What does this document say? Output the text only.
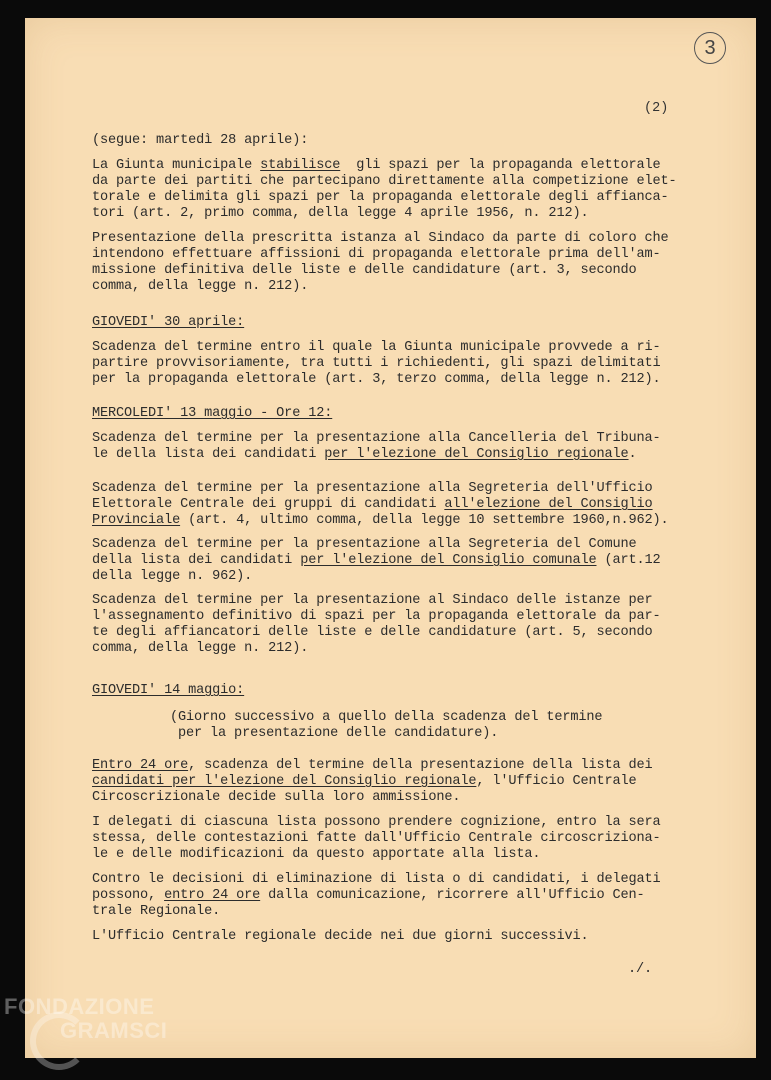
3
(2)
(segue: martedì 28 aprile):
La Giunta municipale stabilisce  gli spazi per la propaganda elettorale
da parte dei partiti che partecipano direttamente alla competizione elet-
torale e delimita gli spazi per la propaganda elettorale degli affianca-
tori (art. 2, primo comma, della legge 4 aprile 1956, n. 212).
Presentazione della prescritta istanza al Sindaco da parte di coloro che
intendono effettuare affissioni di propaganda elettorale prima dell'am-
missione definitiva delle liste e delle candidature (art. 3, secondo
comma, della legge n. 212).
GIOVEDI' 30 aprile:
Scadenza del termine entro il quale la Giunta municipale provvede a ri-
partire provvisoriamente, tra tutti i richiedenti, gli spazi delimitati
per la propaganda elettorale (art. 3, terzo comma, della legge n. 212).
MERCOLEDI' 13 maggio - Ore 12:
Scadenza del termine per la presentazione alla Cancelleria del Tribuna-
le della lista dei candidati per l'elezione del Consiglio regionale.
Scadenza del termine per la presentazione alla Segreteria dell'Ufficio
Elettorale Centrale dei gruppi di candidati all'elezione del Consiglio
Provinciale (art. 4, ultimo comma, della legge 10 settembre 1960,n.962).
Scadenza del termine per la presentazione alla Segreteria del Comune
della lista dei candidati per l'elezione del Consiglio comunale (art.12
della legge n. 962).
Scadenza del termine per la presentazione al Sindaco delle istanze per
l'assegnamento definitivo di spazi per la propaganda elettorale da par-
te degli affiancatori delle liste e delle candidature (art. 5, secondo
comma, della legge n. 212).
GIOVEDI' 14 maggio:
(Giorno successivo a quello della scadenza del termine
per la presentazione delle candidature).
Entro 24 ore, scadenza del termine della presentazione della lista dei
candidati per l'elezione del Consiglio regionale, l'Ufficio Centrale
Circoscrizionale decide sulla loro ammissione.
I delegati di ciascuna lista possono prendere cognizione, entro la sera
stessa, delle contestazioni fatte dall'Ufficio Centrale circoscriziona-
le e delle modificazioni da questo apportate alla lista.
Contro le decisioni di eliminazione di lista o di candidati, i delegati
possono, entro 24 ore dalla comunicazione, ricorrere all'Ufficio Cen-
trale Regionale.
L'Ufficio Centrale regionale decide nei due giorni successivi.
./.
FONDAZIONE
GRAMSCI
